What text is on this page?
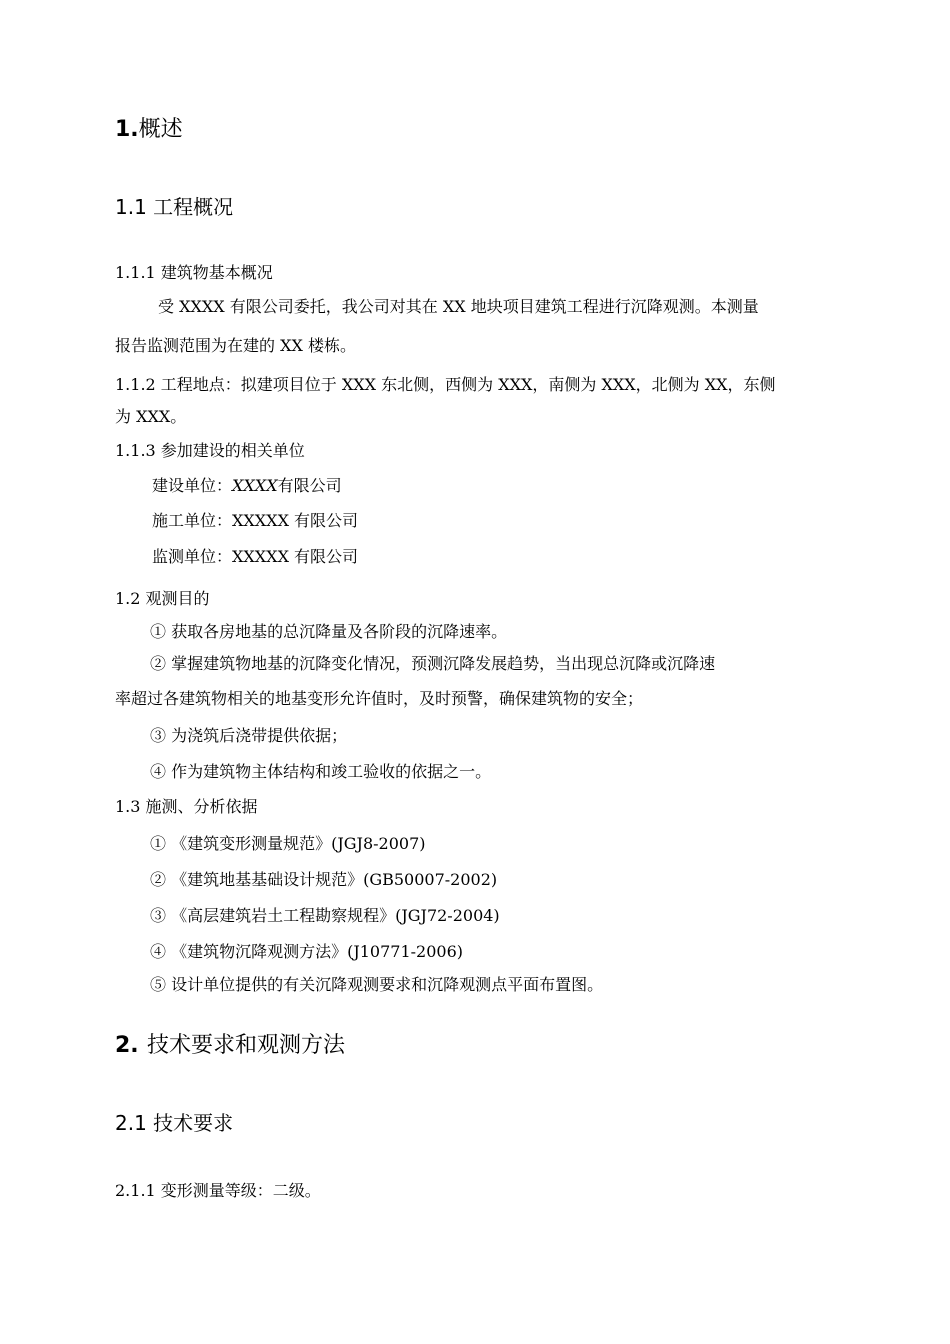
1.概述
1.1 工程概况
1.1.1 建筑物基本概况
受 XXXX 有限公司委托，我公司对其在 XX 地块项目建筑工程进行沉降观测。本测量
报告监测范围为在建的 XX 楼栋。
1.1.2 工程地点：拟建项目位于 XXX 东北侧，西侧为 XXX，南侧为 XXX，北侧为 XX，东侧
为 XXX。
1.1.3 参加建设的相关单位
建设单位：XXXX有限公司
施工单位：XXXXX 有限公司
监测单位：XXXXX 有限公司
1.2 观测目的
① 获取各房地基的总沉降量及各阶段的沉降速率。
② 掌握建筑物地基的沉降变化情况，预测沉降发展趋势，当出现总沉降或沉降速
率超过各建筑物相关的地基变形允许值时，及时预警，确保建筑物的安全；
③ 为浇筑后浇带提供依据；
④ 作为建筑物主体结构和竣工验收的依据之一。
1.3 施测、分析依据
① 《建筑变形测量规范》(JGJ8-2007)
② 《建筑地基基础设计规范》(GB50007-2002)
③ 《高层建筑岩土工程勘察规程》(JGJ72-2004)
④ 《建筑物沉降观测方法》(J10771-2006)
⑤ 设计单位提供的有关沉降观测要求和沉降观测点平面布置图。
2. 技术要求和观测方法
2.1 技术要求
2.1.1 变形测量等级：二级。
